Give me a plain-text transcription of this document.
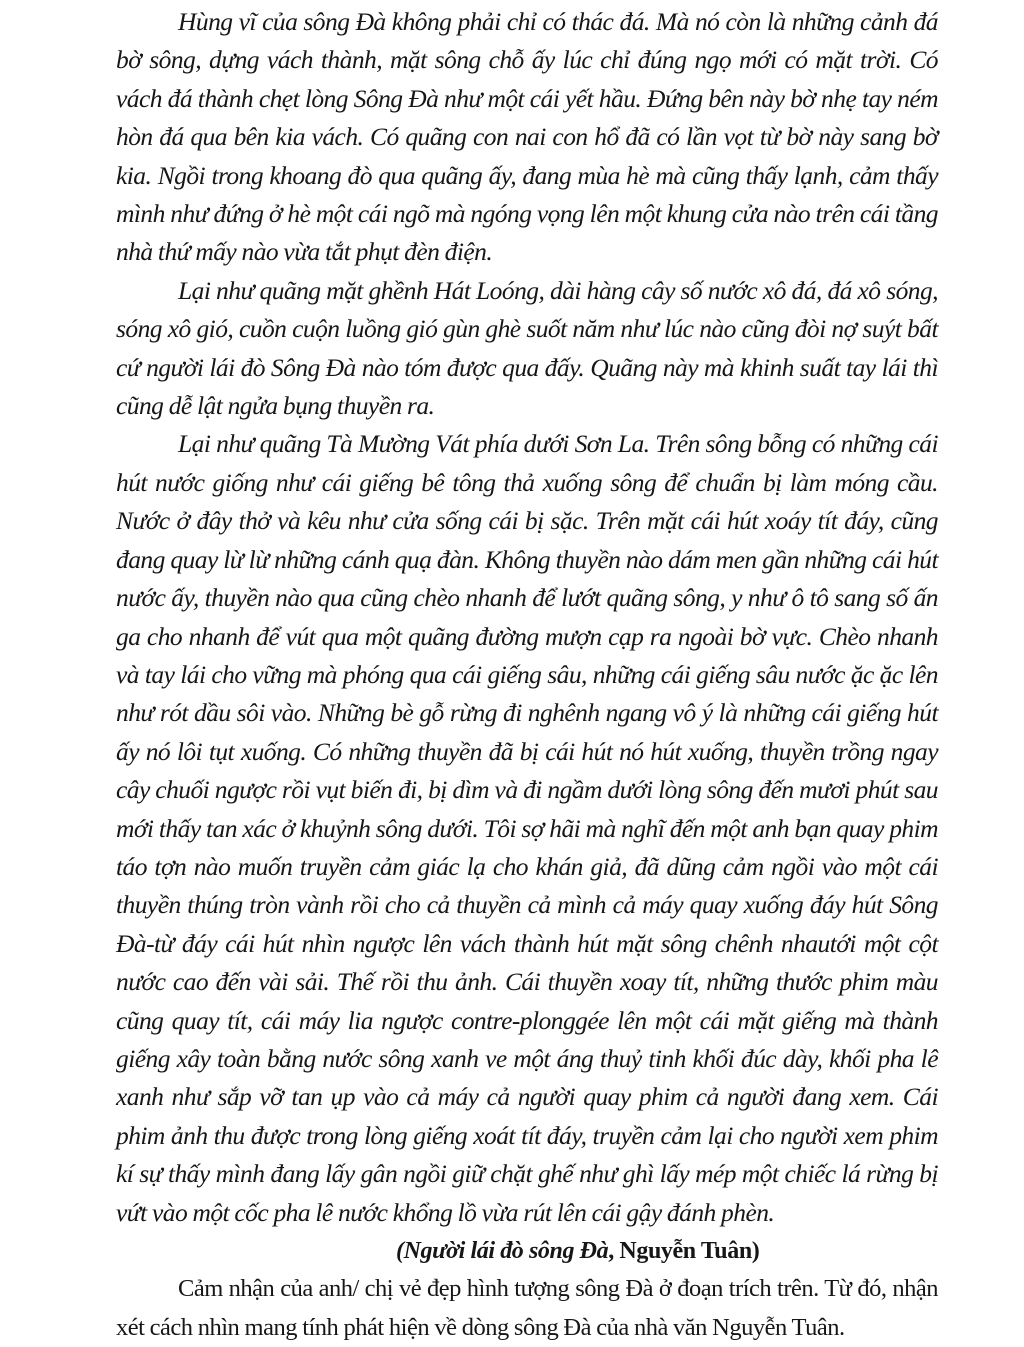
Hùng vĩ của sông Đà không phải chỉ có thác đá. Mà nó còn là những cảnh đá bờ sông, dựng vách thành, mặt sông chỗ ấy lúc chỉ đúng ngọ mới có mặt trời. Có vách đá thành chẹt lòng Sông Đà như một cái yết hầu. Đứng bên này bờ nhẹ tay ném hòn đá qua bên kia vách. Có quãng con nai con hổ đã có lần vọt từ bờ này sang bờ kia. Ngồi trong khoang đò qua quãng ấy, đang mùa hè mà cũng thấy lạnh, cảm thấy mình như đứng ở hè một cái ngõ mà ngóng vọng lên một khung cửa nào trên cái tầng nhà thứ mấy nào vừa tắt phụt đèn điện.

Lại như quãng mặt ghềnh Hát Loóng, dài hàng cây số nước xô đá, đá xô sóng, sóng xô gió, cuồn cuộn luồng gió gùn ghè suốt năm như lúc nào cũng đòi nợ suýt bất cứ người lái đò Sông Đà nào tóm được qua đấy. Quãng này mà khinh suất tay lái thì cũng dễ lật ngửa bụng thuyền ra.

Lại như quãng Tà Mường Vát phía dưới Sơn La. Trên sông bỗng có những cái hút nước giống như cái giếng bê tông thả xuống sông để chuẩn bị làm móng cầu. Nước ở đây thở và kêu như cửa sống cái bị sặc. Trên mặt cái hút xoáy tít đáy, cũng đang quay lừ lừ những cánh quạ đàn. Không thuyền nào dám men gần những cái hút nước ấy, thuyền nào qua cũng chèo nhanh để lướt quãng sông, y như ô tô sang số ấn ga cho nhanh để vút qua một quãng đường mượn cạp ra ngoài bờ vực. Chèo nhanh và tay lái cho vững mà phóng qua cái giếng sâu, những cái giếng sâu nước ặc ặc lên như rót dầu sôi vào. Những bè gỗ rừng đi nghênh ngang vô ý là những cái giếng hút ấy nó lôi tụt xuống. Có những thuyền đã bị cái hút nó hút xuống, thuyền trồng ngay cây chuối ngược rồi vụt biến đi, bị dìm và đi ngầm dưới lòng sông đến mươi phút sau mới thấy tan xác ở khuỷnh sông dưới. Tôi sợ hãi mà nghĩ đến một anh bạn quay phim táo tợn nào muốn truyền cảm giác lạ cho khán giả, đã dũng cảm ngồi vào một cái thuyền thúng tròn vành rồi cho cả thuyền cả mình cả máy quay xuống đáy hút Sông Đà-từ đáy cái hút nhìn ngược lên vách thành hút mặt sông chênh nhautới một cột nước cao đến vài sải. Thế rồi thu ảnh. Cái thuyền xoay tít, những thước phim màu cũng quay tít, cái máy lia ngược contre-plonggée lên một cái mặt giếng mà thành giếng xây toàn bằng nước sông xanh ve một áng thuỷ tinh khối đúc dày, khối pha lê xanh như sắp vỡ tan ụp vào cả máy cả người quay phim cả người đang xem. Cái phim ảnh thu được trong lòng giếng xoát tít đáy, truyền cảm lại cho người xem phim kí sự thấy mình đang lấy gân ngồi giữ chặt ghế như ghì lấy mép một chiếc lá rừng bị vứt vào một cốc pha lê nước khổng lồ vừa rút lên cái gậy đánh phèn.

(Người lái đò sông Đà, Nguyễn Tuân)

Cảm nhận của anh/ chị vẻ đẹp hình tượng sông Đà ở đoạn trích trên. Từ đó, nhận xét cách nhìn mang tính phát hiện về dòng sông Đà của nhà văn Nguyễn Tuân.
